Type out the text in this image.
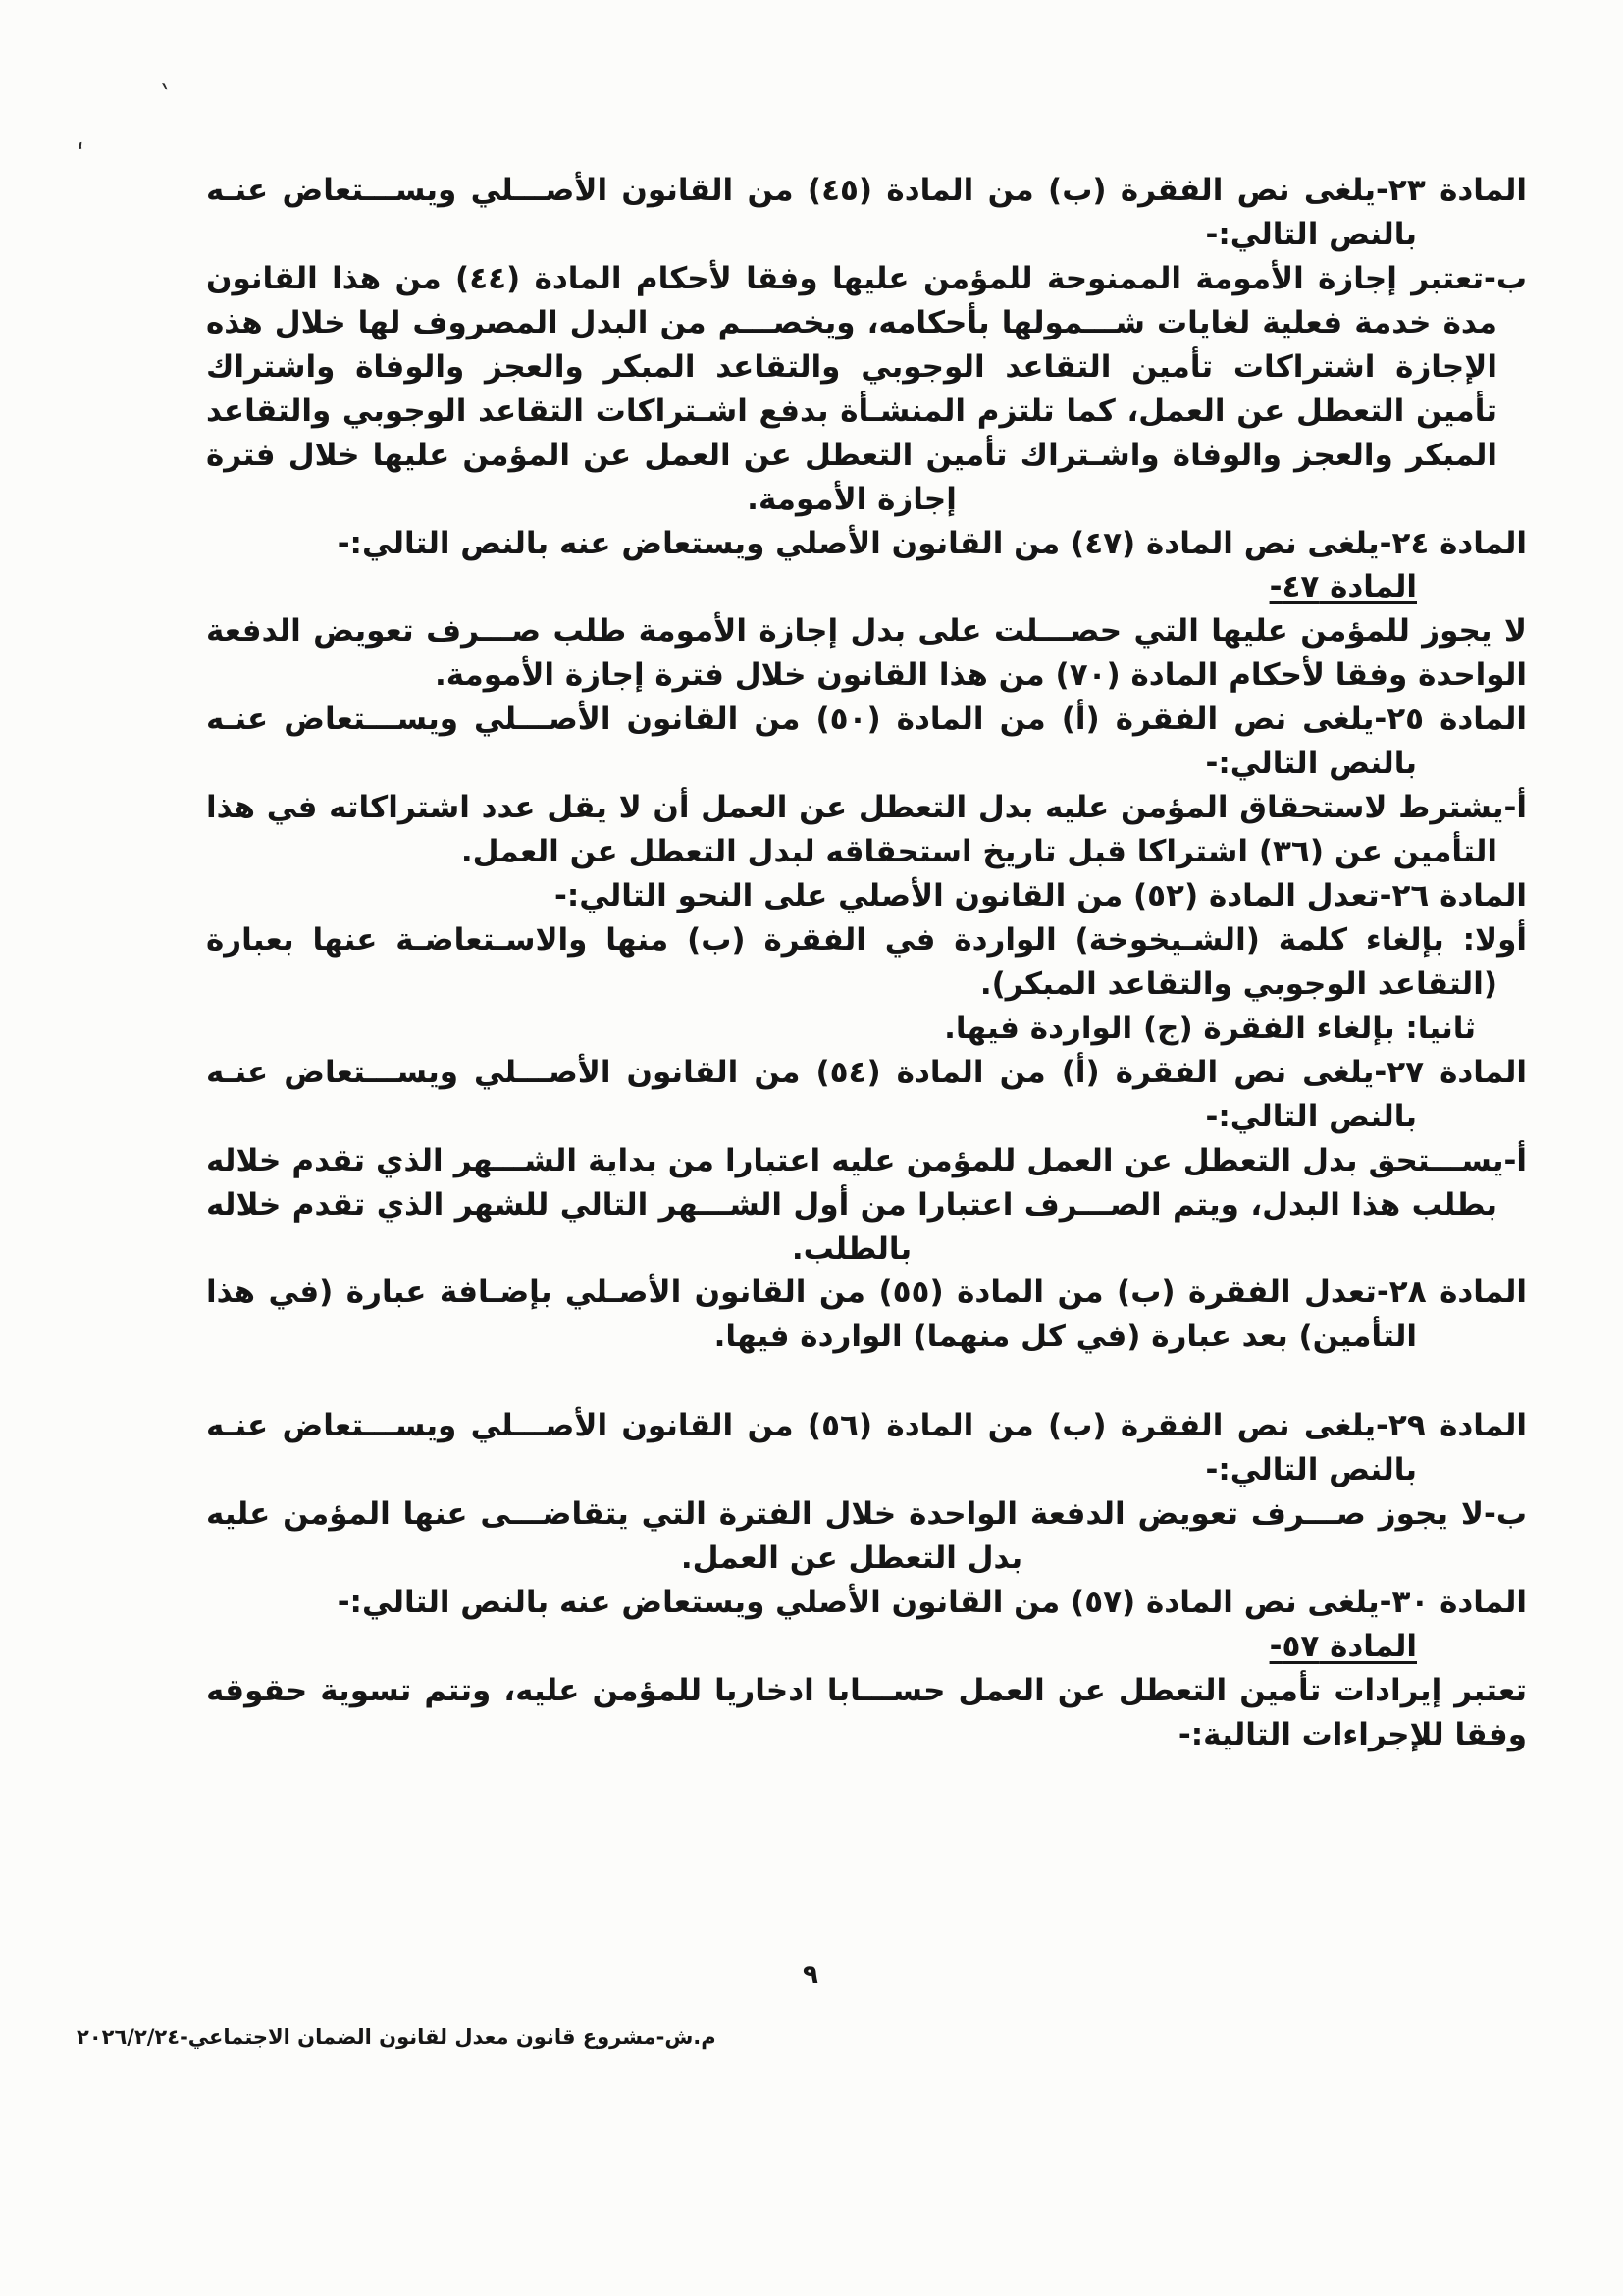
`
،

المادة ٢٣-يلغى نص الفقرة (ب) من المادة (٤٥) من القانون الأصـــلي ويســـتعاض عنـه بالنص التالي:-

ب-تعتبر إجازة الأمومة الممنوحة للمؤمن عليها وفقا لأحكام المادة (٤٤) من هذا القانون مدة خدمة فعلية لغايات شـــمولها بأحكامه، ويخصـــم من البدل المصروف لها خلال هذه الإجازة اشتراكات تأمين التقاعد الوجوبي والتقاعد المبكر والعجز والوفاة واشتراك تأمين التعطل عن العمل، كما تلتزم المنشـأة بدفع اشـتراكات التقاعد الوجوبي والتقاعد المبكر والعجز والوفاة واشـتراك تأمين التعطل عن العمل عن المؤمن عليها خلال فترة إجازة الأمومة.

المادة ٢٤-يلغى نص المادة (٤٧) من القانون الأصلي ويستعاض عنه بالنص التالي:-

المادة ٤٧-

لا يجوز للمؤمن عليها التي حصـــلت على بدل إجازة الأمومة طلب صـــرف تعويض الدفعة الواحدة وفقا لأحكام المادة (٧٠) من هذا القانون خلال فترة إجازة الأمومة.

المادة ٢٥-يلغى نص الفقرة (أ) من المادة (٥٠) من القانون الأصـــلي ويســـتعاض عنـه بالنص التالي:-

أ-يشترط لاستحقاق المؤمن عليه بدل التعطل عن العمل أن لا يقل عدد اشتراكاته في هذا التأمين عن (٣٦) اشتراكا قبل تاريخ استحقاقه لبدل التعطل عن العمل.

المادة ٢٦-تعدل المادة (٥٢) من القانون الأصلي على النحو التالي:-

أولا: بإلغاء كلمة (الشـيخوخة) الواردة في الفقرة (ب) منها والاسـتعاضـة عنها بعبارة (التقاعد الوجوبي والتقاعد المبكر).

ثانيا: بإلغاء الفقرة (ج) الواردة فيها.

المادة ٢٧-يلغى نص الفقرة (أ) من المادة (٥٤) من القانون الأصـــلي ويســـتعاض عنـه بالنص التالي:-

أ-يســـتحق بدل التعطل عن العمل للمؤمن عليه اعتبارا من بداية الشـــهر الذي تقدم خلاله بطلب هذا البدل، ويتم الصـــرف اعتبارا من أول الشـــهر التالي للشهر الذي تقدم خلاله بالطلب.

المادة ٢٨-تعدل الفقرة (ب) من المادة (٥٥) من القانون الأصـلي بإضـافة عبارة (في هذا التأمين) بعد عبارة (في كل منهما) الواردة فيها.

المادة ٢٩-يلغى نص الفقرة (ب) من المادة (٥٦) من القانون الأصـــلي ويســـتعاض عنـه بالنص التالي:-

ب-لا يجوز صـــرف تعويض الدفعة الواحدة خلال الفترة التي يتقاضـــى عنها المؤمن عليه بدل التعطل عن العمل.

المادة ٣٠-يلغى نص المادة (٥٧) من القانون الأصلي ويستعاض عنه بالنص التالي:-

المادة ٥٧-

تعتبر إيرادات تأمين التعطل عن العمل حســـابا ادخاريا للمؤمن عليه، وتتم تسوية حقوقه وفقا للإجراءات التالية:-

٩
م.ش-مشروع قانون معدل لقانون الضمان الاجتماعي-٢٠٢٦/٢/٢٤
